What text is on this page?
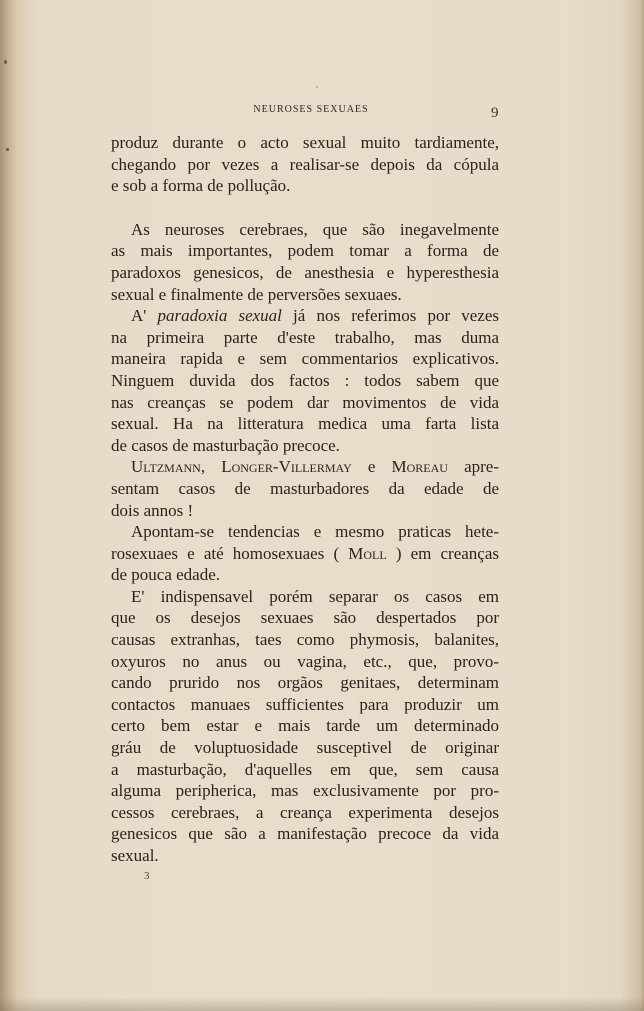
NEUROSES SEXUAES	9
produz durante o acto sexual muito tardiamente,
chegando por vezes a realisar-se depois da cópula
e sob a forma de pollução.
As neuroses cerebraes, que são inegavelmente
as mais importantes, podem tomar a forma de
paradoxos genesicos, de anesthesia e hyperesthesia
sexual e finalmente de perversões sexuaes.
A' paradoxia sexual já nos referimos por vezes
na primeira parte d'este trabalho, mas duma
maneira rapida e sem commentarios explicativos.
Ninguem duvida dos factos : todos sabem que
nas creanças se podem dar movimentos de vida
sexual. Ha na litteratura medica uma farta lista
de casos de masturbação precoce.
Ultzmann, Longer-Villermay e Moreau apre-
sentam casos de masturbadores da edade de
dois annos !
Apontam-se tendencias e mesmo praticas hete-
rosexuaes e até homosexuaes ( Moll ) em creanças
de pouca edade.
E' indispensavel porém separar os casos em
que os desejos sexuaes são despertados por
causas extranhas, taes como phymosis, balanites,
oxyuros no anus ou vagina, etc., que, provo-
cando prurido nos orgãos genitaes, determinam
contactos manuaes sufficientes para produzir um
certo bem estar e mais tarde um determinado
gráu de voluptuosidade susceptivel de originar
a masturbação, d'aquelles em que, sem causa
alguma peripherica, mas exclusivamente por pro-
cessos cerebraes, a creança experimenta desejos
genesicos que são a manifestação precoce da vida
sexual.
3
